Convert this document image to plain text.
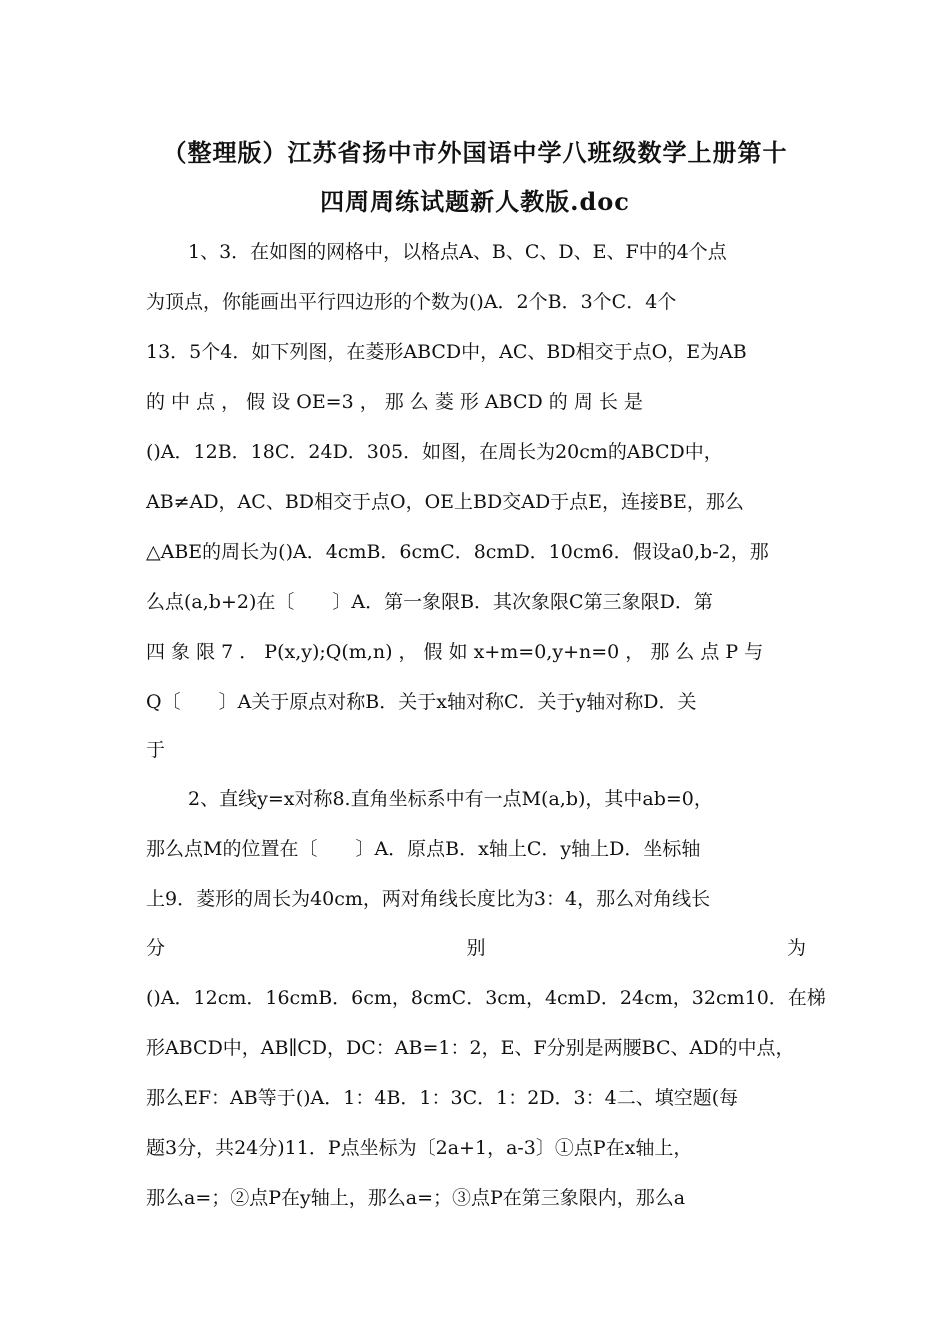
（整理版）江苏省扬中市外国语中学八班级数学上册第十
四周周练试题新人教版.doc
1、3．在如图的网格中，以格点A、B、C、D、E、F中的4个点
为顶点，你能画出平行四边形的个数为()A．2个B．3个C．4个
13．5个4．如下列图，在菱形ABCD中，AC、BD相交于点O，E为AB
的 中 点 ， 假 设 OE=3 ， 那 么 菱 形 ABCD 的 周 长 是
()A．12B．18C．24D．305．如图，在周长为20cm的ABCD中，
AB≠AD，AC、BD相交于点O，OE上BD交AD于点E，连接BE，那么
△ABE的周长为()A．4cmB．6cmC．8cmD．10cm6．假设a0,b-2，那
么点(a,b+2)在〔　　〕A．第一象限B．其次象限C第三象限D．第
四 象 限 7 ． P(x,y);Q(m,n) ， 假 如 x+m=0,y+n=0 ， 那 么 点 P 与
Q〔　　〕A关于原点对称B．关于x轴对称C．关于y轴对称D．关
于
2、直线y=x对称8.直角坐标系中有一点M(a,b)，其中ab=0，
那么点M的位置在〔　　〕A．原点B．x轴上C．y轴上D．坐标轴
上9．菱形的周长为40cm，两对角线长度比为3：4，那么对角线长
分	别	为
()A．12cm．16cmB．6cm，8cmC．3cm，4cmD．24cm，32cm10．在梯
形ABCD中，AB∥CD，DC：AB=1：2，E、F分别是两腰BC、AD的中点，
那么EF：AB等于()A．1：4B．1：3C．1：2D．3：4二、填空题(每
题3分，共24分)11．P点坐标为〔2a+1，a-3〕①点P在x轴上，
那么a=；②点P在y轴上，那么a=；③点P在第三象限内，那么a
